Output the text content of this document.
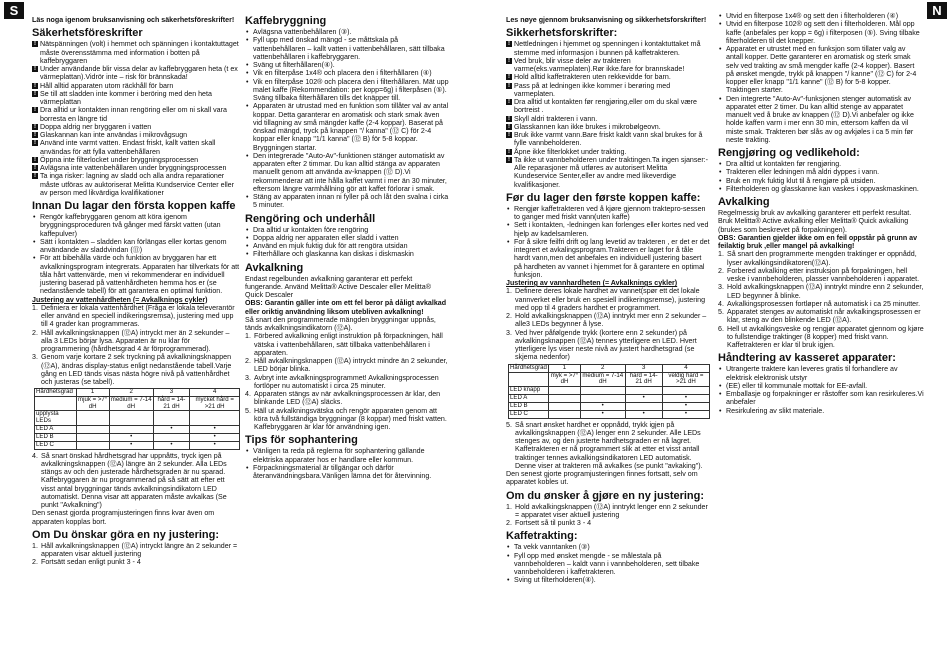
S	N

Läs noga igenom bruksanvisning och säkerhetsföreskrifter!

Säkerhetsföreskrifter
! Nätspänningen (volt) i hemmet och spänningen i kontaktuttaget måste överensstämma med information i botten på kaffebryggaren
! Under användande blir vissa delar av kaffebryggaren heta (t ex värmeplattan).Vidrör inte – risk för brännskada!
! Håll alltid apparaten utom räckhåll för barn
! Se till att sladden inte kommer i beröring med den heta värmeplattan
! Dra alltid ur kontakten innan rengöring eller om ni skall vara borresta en längre tid
! Doppa aldrig ner bryggaren i vatten
! Glaskannan kan inte användas i mikrovågsugn
! Använd inte varmt vatten. Endast friskt, kallt vatten skall användas för att fylla vattenbehållaren
! Öppna inte filterlocket under bryggningsprocessen
! Avlägsna inte vattenbehållaren under bryggningsprocessen
! Ta inga risker: lagning av sladd och alla andra reparationer måste utföras av auktoriserat Melitta Kundservice Center eller av person med likvärdiga kvalifikationer
Innan Du lagar den första koppen kaffe
• Rengör kaffebryggaren genom att köra igenom bryggningsproceduren två gånger med färskt vatten (utan kaffepulver)
• Sätt i kontakten – sladden kan förlängas eller kortas genom användande av sladdvindan (⑪)
• För att bibehålla värde och funktion av bryggaren har ett avkalkningsprogram integrerats. Apparaten har tillverkats för att tåla hårt vattenvärde, men vi rekommenderar en individuell justering baserad på vattenhårdheten hemma hos er (se nedanstående tabell) för att garantera en optimal funktion.

Justering av vattenhårdheten (= Avkalknings cykler)

1. Definiera er lokala vattenhårdhet (Fråga er lokala televerantör eller använd en speciell indikeringsremsa), justering med upp till 4 grader kan programmeras.
2. Håll avkalkningsknappen (⑫A) intryckt mer än 2 sekunder – alla 3 LEDs börjar lysa. Apparaten är nu klar för programmering (hårdhetsgrad 4 är förprogrammerad).
3. Genom varje kortare 2 sek tryckning på avkalkningsknappen (⑫A), ändras display-status enligt nedanstående tabell.Varje gång en LED tänds visas nästa högre nivå på vattenhårdhet och justeras (se tabell).
Hårdhetsgrad	1	2	3	4
	mjuk = >7° dH	medium = 7-14 dH	hård = 14-21 dH	mycket hård = >21 dH
upplysta LEDs				
LED A			•	•
LED B		•		•
LED C		•	•	•
4. Så snart önskad hårdhetsgrad har uppnåtts, tryck igen på avkalkningsknappen (⑫A) längre än 2 sekunder. Alla LEDs stängs av och den justerade hårdhetsgraden är nu sparad. Kaffebryggaren är nu programmerad på så sätt att efter ett visst antal bryggningar tänds avkalkningsindikatorn LED automatiskt. Denna visar att apparaten måste avkalkas (Se punkt "Avkalkning")

Den senast gjorda programjusteringen finns kvar även om apparaten kopplas bort.

Om Du önskar göra en ny justering:
1. Håll avkalkningsknappen (⑫A) intryckt längre än 2 sekunder = apparaten visar aktuell justering
2. Fortsätt sedan enligt punkt 3 - 4
Kaffebryggning
• Avlägsna vattenbehållaren (③).
• Fyll upp med önskad mängd - se måttskala på vattenbehållaren – kallt vatten i vattenbehållaren, sätt tillbaka vattenbehållaren i kaffebryggaren.
• Sväng ut filterhållaren(④).
• Vik en filterpåse 1x4® och placera den i filterhållaren (④)
• Vik en filterpåse 102® och placera den i filterhållaren. Mät upp malet kaffe (Rekommendation: per kopp=6g) i filterpåsen (⑤). Sväng tillbaka filterhållaren tills det knäpper till.
• Apparaten är utrustad med en funktion som tillåter val av antal koppar. Detta garanterar en aromatisk och stark smak även vid tillagning av små mängder kaffe (2-4 koppar). Baserat på önskad mängd, tryck på knappen "/ kanna" (⑫ C) för 2-4 koppar eller knapp "1/1 kanna" (⑫ B) för 5-8 koppar. Bryggningen startar.
• Den integrerade "Auto-Av"-funktionen stänger automatiskt av apparaten efter 2 timmar. Du kan alltid stänga av apparaten manuellt genom att använda av-knappen (⑫ D).Vi rekommenderar att inte hålla kaffet varmt i mer än 30 minuter, eftersom längre varmhållning gör att kaffet förlorar i smak.
• Stäng av apparaten innan ni fyller på och låt den svalna i cirka 5 minuter.
Rengöring och underhåll
• Dra alltid ur kontakten före rengöring
• Doppa aldrig ner apparaten eller sladd i vatten
• Använd en mjuk fuktig duk för att rengöra utsidan
• Filterhållare och glaskanna kan diskas i diskmaskin
Avkalkning

Endast regelbunden avkalkning garanterar ett perfekt fungerande. Använd Melitta® Active Descaler eller Melitta® Quick Descaler

OBS: Garantin gäller inte om ett fel beror på dåligt avkalkad eller oriktig användning liksom utebliven avkalkning!

Så snart den programmerade mängden bryggningar uppnås, tänds avkalkningsindikatorn (⑫A).

1. Förbered avkalkning enligt instruktion på förpackningen, häll vätska i vattenbehållaren, sätt tillbaka vattenbehållaren i apparaten.
2. Håll avkalkningsknappen (⑫A) intryckt mindre än 2 sekunder, LED börjar blinka.
3. Avbryt inte avkalkningsprogrammet! Avkalkningsprocessen fortlöper nu automatiskt i circa 25 minuter.
4. Apparaten stängs av när avkalkningsprocessen är klar, den blinkande LED (⑫A) släcks.
5. Häll ut avkalkningsvätska och rengör apparaten genom att köra två fullständiga bryggningar (8 koppar) med friskt vatten. Kaffebryggaren är klar för användning igen.
Tips för sophantering
• Vänligen ta reda på reglerna för sophantering gällande elektriska apparater hos er handlare eller kommun.
• Förpackningsmaterial är tillgängar och därför återanvändningsbara.Vänligen lämna det för återvinning.

Les nøye gjennom bruksanvisning og sikkerhetsforskrifter!

Sikkerhetsforskrifter:
! Nettledningen i hjemmet og spenningen i kontaktuttaket må stemme med informasjon i bunnen på kaffetrakteren.
! Ved bruk, blir visse deler av trakteren varme(eks.varmeplaten).Rør ikke.fare for brannskade!
! Hold alltid kaffetrakteren uten rekkevidde for barn.
! Pass på at ledningen ikke kommer i berøring med varmeplaten.
! Dra alltid ut kontakten før rengjøring,eller om du skal være bortreist .
! Skyll aldri trakteren i vann.
! Glasskannen kan ikke brukes i mikrobølgeovn.
! Bruk ikke varmt vann.Bare friskt kaldt vann skal brukes for å fylle vannbeholderen.
! Åpne ikke filterlokket under trakting.
! Ta ikke ut vannbeholderen under traktingen.Ta ingen sjanser:-Alle reparasjoner må utføres av autorisert Melitta Kundeservice Senter,eller av andre med likeverdige kvalifikasjoner.
Før du lager den første koppen kaffe:
• Rengjør kaffetrakteren ved å kjøre gjennom traktepro-sessen to ganger med friskt vann(uten kaffe)
• Sett i kontakten, -ledningen kan forlenges eller kortes ned ved hjelp av kadelsamleren.
• For å sikre feilfri drift og lang levetid av trakteren , er det er det integrert et avkalingsprogram.Trakteren er laget for å tåle hardt vann,men det anbefales en individuell justering basert på hardheten av vannet i hjemmet for å garantere en optimal funksjon.

Justering av vannhardheten (= Avkalknings cykler)

1. Definere deres lokale hardhet av vannet(spør ett det lokale vannverket eller bruk en spesiell indikeringsremse), justering med opp til 4 graders hardhet er programmert.
2. Hold avkalkingsknappen (⑫A) inntrykt mer enn 2 sekunder – alle3 LEDs begynner å lyse.
3. Ved hver påfølgende trykk (kortere enn 2 sekunder) på avkalkingsknappen (⑫A) tennes ytterligere en LED. Hvert ytterligere lys viser neste nivå av justert hardhetsgrad (se skjema nedenfor)
Hårdhetsgrad	1	2	3	4
	myk = >7° dH	medium = 7-14 dH	hard = 14-21 dH	veldig hard = >21 dH
LED knapp				
LED A			•	•
LED B		•		•
LED C		•	•	•
5. Så snart ønsket hardhet er oppnådd, trykk igjen på avkalkingsknappen (⑫A) lenger enn 2 sekunder. Alle LEDs stenges av, og den justerte hardhetsgraden er nå lagret. Kaffetrakteren er nå programmert slik at etter et visst antall traktinger tennes avkalkingsindikatoren LED automatisk. Denne viser at trakteren må avkalkes (se punkt "avkaking").

Den senest gjorte programjusteringen finnes fortsatt, selv om apparatet kobles ut.

Om du ønsker å gjøre en ny justering:
1. Hold avkalkingsknappen (⑫A) inntrykt lenger enn 2 sekunder = apparatet viser aktuell justering
2. Fortsett så til punkt 3 - 4
Kaffetrakting:
• Ta vekk vanntanken (③)
• Fyll opp med ønsket mengde - se målestala på vannbeholderen – kaldt vann i vannbeholderen, sett tilbake vannbeholderen i kaffetrakteren.
• Sving ut filterholderen(④).
• Utvid en filterpose 1x4® og sett den i filterholderen (④)
• Utvid en filterpose 102® og sett den i filterholderen. Mål opp kaffe (anbefales per kopp = 6g) i filterposen (⑤). Sving tilbake filterholderen til det knepper.
• Apparatet er utrustet med en funksjon som tillater valg av antall kopper. Dette garanterer en aromatisk og sterk smak selv ved trakting av små mengder kaffe (2-4 kopper). Basert på ønsket mengde, trykk på knappen "/ kanne" (⑫ C) for 2-4 kopper eller knapp "1/1 kanne" (⑫ B) for 5-8 kopper. Traktingen starter.
• Den integrerte "Auto-Av"-funksjonen stenger automatisk av apparatet etter 2 timer. Du kan alltid stenge av apparatet manuelt ved å bruke av knappen (⑫ D).Vi anbefaler og ikke holde kaffen varm i mer enn 30 min, ettersom kaffen da vil miste smak. Trakteren bør slås av og avkjøles i ca 5 min før neste trakting.
Rengjøring og vedlikehold:
• Dra alltid ut kontakten før rengjøring.
• Trakteren eller ledningen må aldri dyppes i vann.
• Bruk en myk fuktig klut til å rengjøre på utsiden.
• Filterholderen og glasskanne kan vaskes i oppvaskmaskinen.
Avkalking

Regelmessig bruk av avkalking garanterer ett perfekt resultat. Bruk Melitta® Active avkalking eller Melitta® Quick avkalking (brukes som beskrevet på forpakningen).

OBS: Garantien gjelder ikke om en feil oppstår på grunn av feilaktig bruk ,eller mangel på avkalking!

1. Så snart den programmerte mengden traktinger er oppnådd, lyser avkalkingsindikatoren(⑫A).
2. Forbered avkalking etter instruksjon på forpakningen, hell veske i vannbeholderen, plasser vannbeholderen i apparatet.
3. Hold avkalkingsknappen (⑫A) inntrykt mindre enn 2 sekunder, LED begynner å blinke.
4. Avkalkingsprosessen fortløper nå automatisk i ca 25 minutter.
5. Apparatet stenges av automatiskt når avkalkingsprosessen er klar, steng av den blinkende LED (⑫A).
6. Hell ut avkalkingsveske og rengjør apparatet gjennom og kjøre to fullstendige traktinger (8 kopper) med friskt vann. Kaffetrakteren er klar til bruk igjen.
Håndtering av kasseret apparater:
• Utrangerte traktere kan leveres gratis til forhandlere av elektrisk elektronisk utstyr
• (EE) eller til kommunale mottak for EE-avfall.
• Emballasje og forpakninger er råstoffer som kan resirkuleres.Vi anbefaler
• Resirkulering av slikt materiale.
